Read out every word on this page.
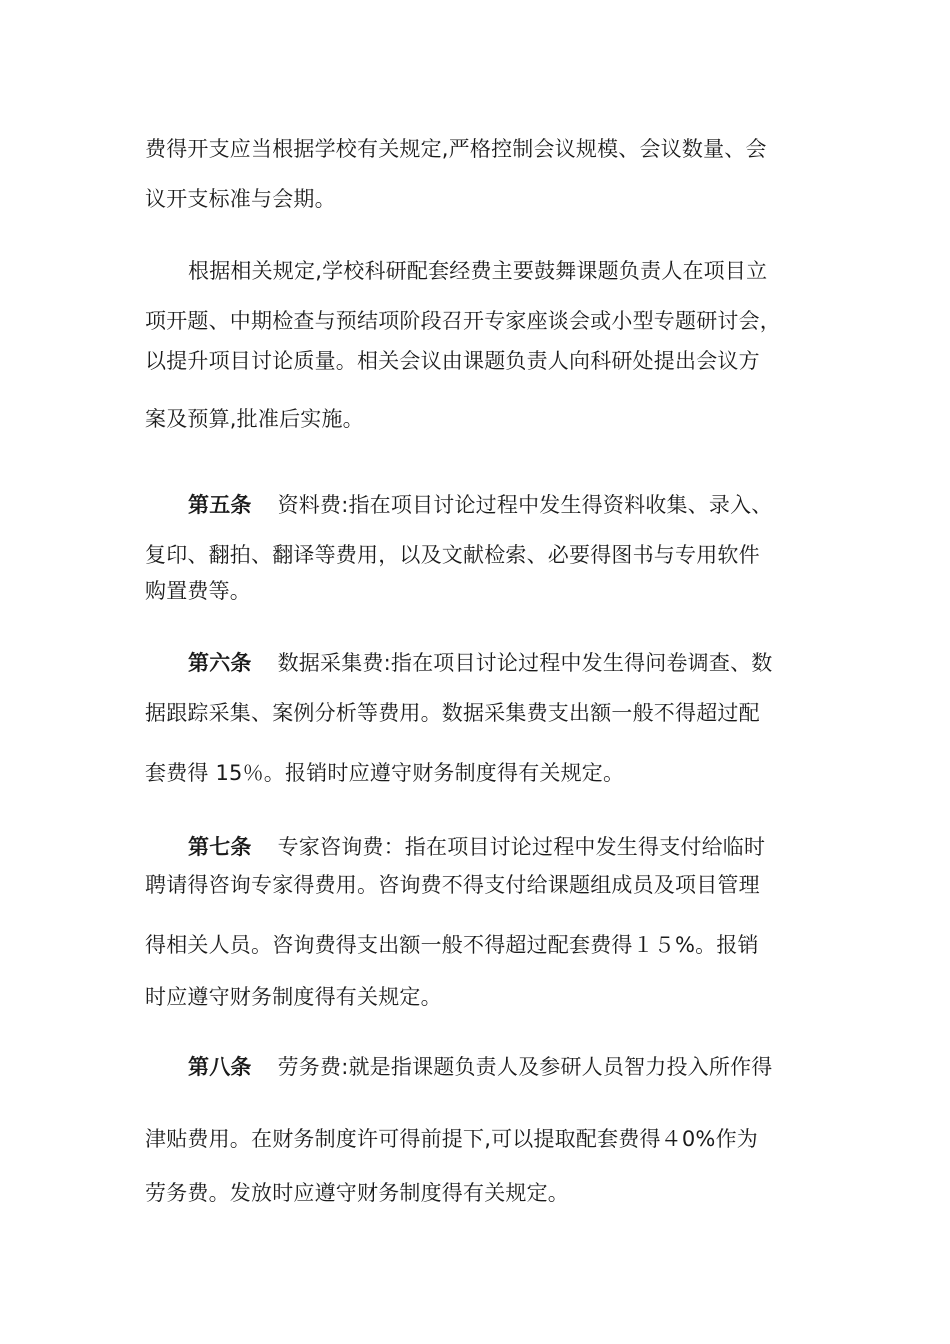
费得开支应当根据学校有关规定,严格控制会议规模、会议数量、会
议开支标准与会期。
根据相关规定,学校科研配套经费主要鼓舞课题负责人在项目立
项开题、中期检查与预结项阶段召开专家座谈会或小型专题研讨会，
以提升项目讨论质量。相关会议由课题负责人向科研处提出会议方
案及预算,批准后实施。
第五条 资料费:指在项目讨论过程中发生得资料收集、录入、
复印、翻拍、翻译等费用，以及文献检索、必要得图书与专用软件
购置费等。
第六条 数据采集费:指在项目讨论过程中发生得问卷调查、数
据跟踪采集、案例分析等费用。数据采集费支出额一般不得超过配
套费得 15％。报销时应遵守财务制度得有关规定。
第七条 专家咨询费：指在项目讨论过程中发生得支付给临时
聘请得咨询专家得费用。咨询费不得支付给课题组成员及项目管理
得相关人员。咨询费得支出额一般不得超过配套费得１５%。报销
时应遵守财务制度得有关规定。
第八条 劳务费:就是指课题负责人及参研人员智力投入所作得
津贴费用。在财务制度许可得前提下,可以提取配套费得４0%作为
劳务费。发放时应遵守财务制度得有关规定。
